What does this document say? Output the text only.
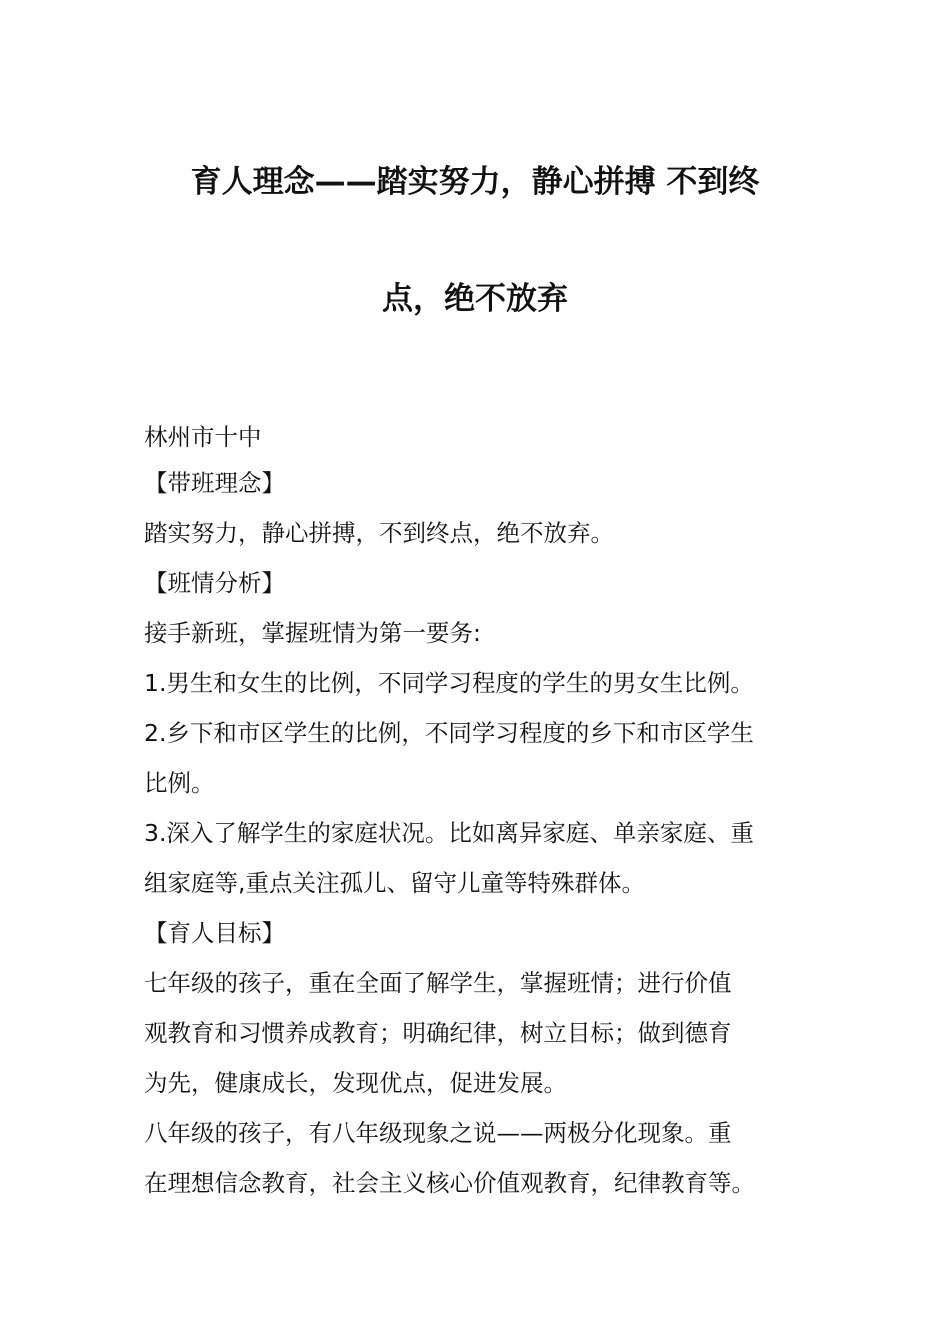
育人理念——踏实努力，静心拼搏 不到终
点，绝不放弃
林州市十中
【带班理念】
踏实努力，静心拼搏，不到终点，绝不放弃。
【班情分析】
接手新班，掌握班情为第一要务:
1.男生和女生的比例，不同学习程度的学生的男女生比例。
2.乡下和市区学生的比例，不同学习程度的乡下和市区学生
比例。
3.深入了解学生的家庭状况。比如离异家庭、单亲家庭、重
组家庭等,重点关注孤儿、留守儿童等特殊群体。
【育人目标】
七年级的孩子，重在全面了解学生，掌握班情；进行价值
观教育和习惯养成教育；明确纪律，树立目标；做到德育
为先，健康成长，发现优点，促进发展。
八年级的孩子，有八年级现象之说——两极分化现象。重
在理想信念教育，社会主义核心价值观教育，纪律教育等。
